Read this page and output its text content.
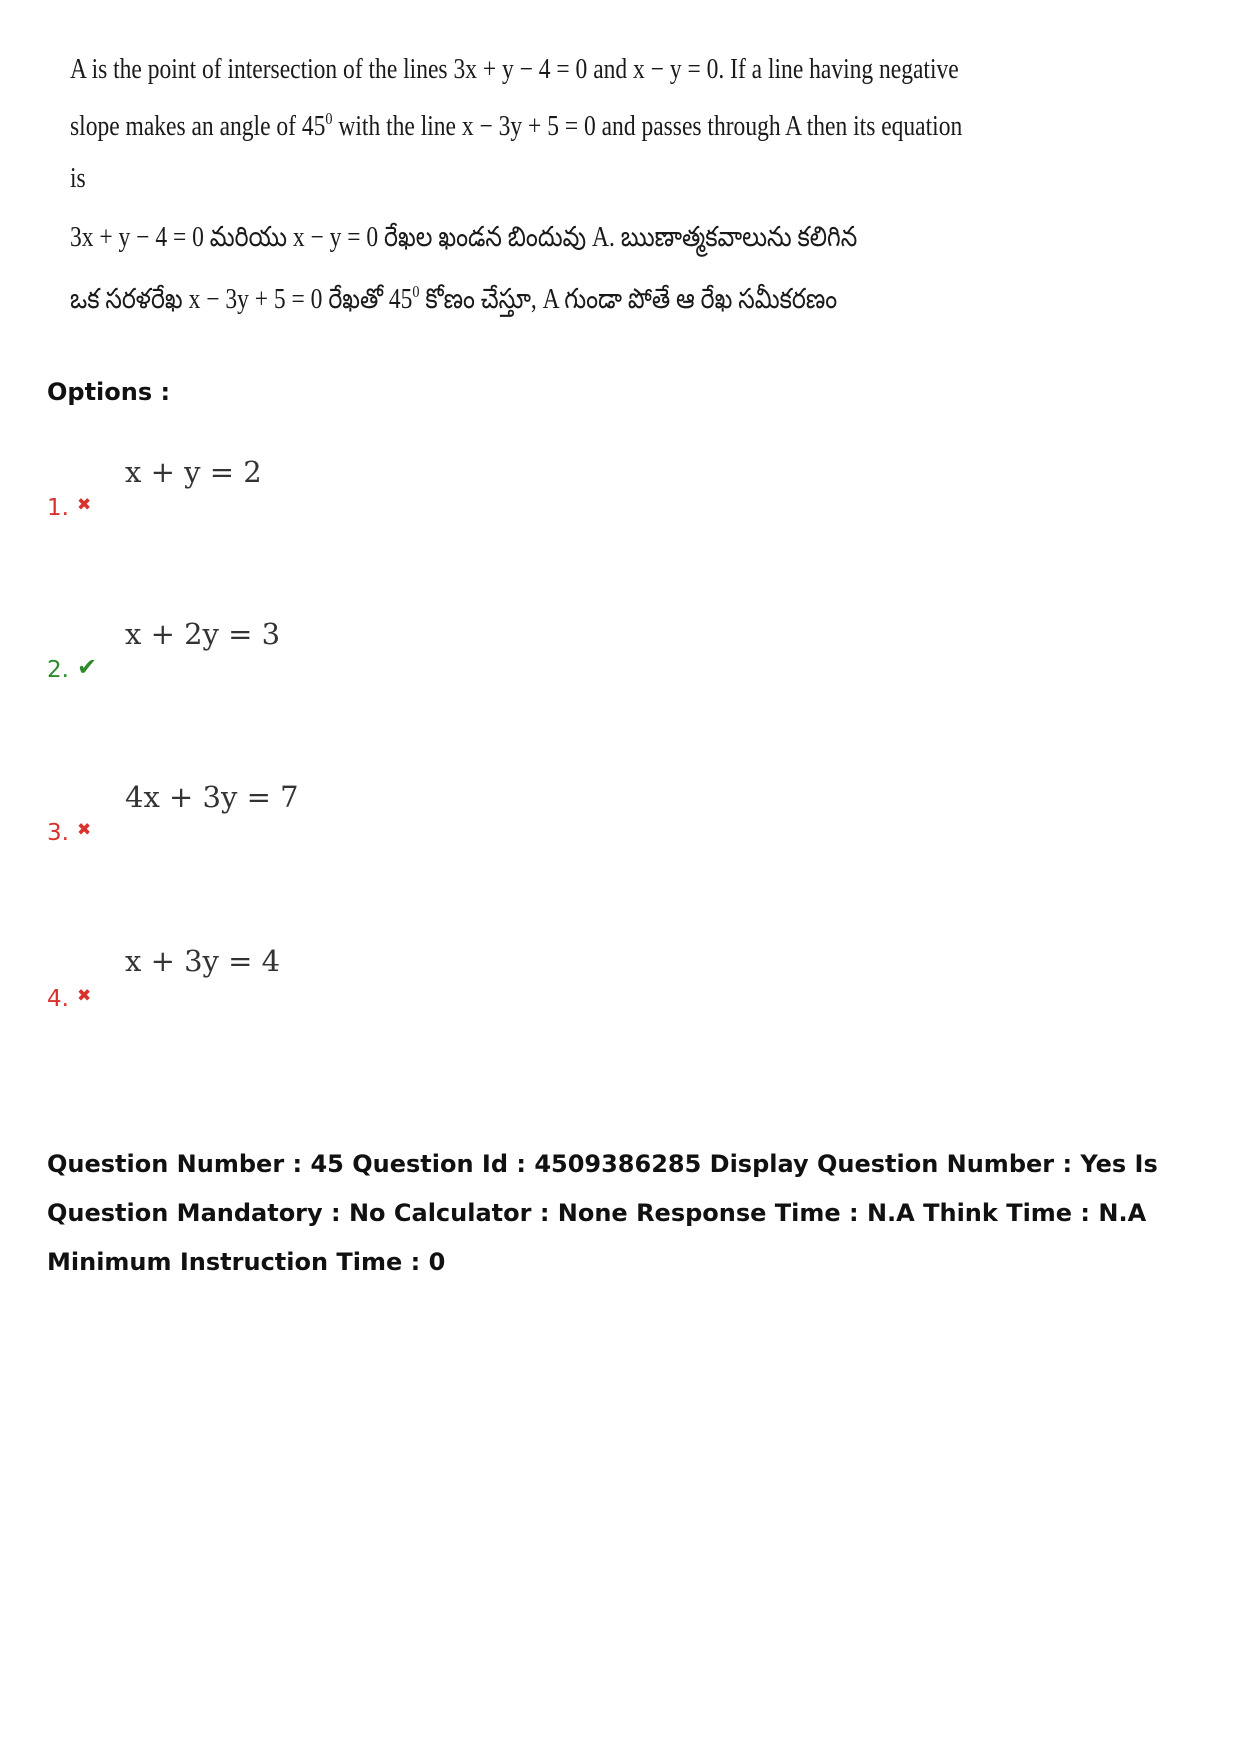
A is the point of intersection of the lines 3x + y − 4 = 0 and x − y = 0. If a line having negative
slope makes an angle of $45^0$ with the line x − 3y + 5 = 0 and passes through A then its equation
is
3x + y − 4 = 0 మరియు x − y = 0 రేఖల ఖండన బిందువు A. ఋణాత్మకవాలును కలిగిన
ఒక సరళరేఖ x − 3y + 5 = 0 రేఖతో $45^0$ కోణం చేస్తూ, A గుండా పోతే ఆ రేఖ సమీకరణం
Options :
x + y = 2
1. ✖
x + 2y = 3
2. ✔
4x + 3y = 7
3. ✖
x + 3y = 4
4. ✖
Question Number : 45 Question Id : 4509386285 Display Question Number : Yes Is Question Mandatory : No Calculator : None Response Time : N.A Think Time : N.A Minimum Instruction Time : 0
